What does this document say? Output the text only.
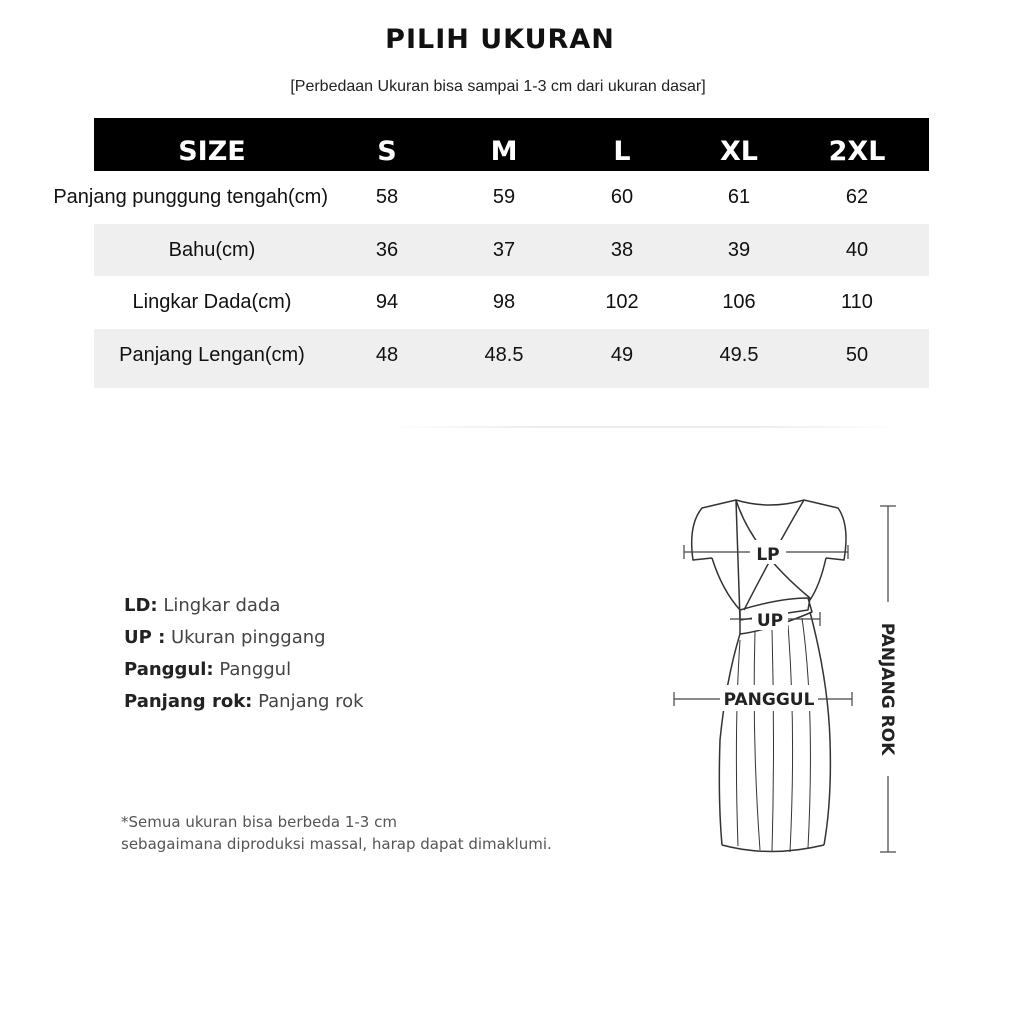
PILIH UKURAN
[Perbedaan Ukuran bisa sampai 1-3 cm dari ukuran dasar]
SIZE	S	M	L	XL	2XL
Panjang punggung tengah(cm)	58	59	60	61	62
Bahu(cm)	36	37	38	39	40
Lingkar Dada(cm)	94	98	102	106	110
Panjang Lengan(cm)	48	48.5	49	49.5	50
LD: Lingkar dada
UP : Ukuran pinggang
Panggul: Panggul
Panjang rok: Panjang rok
*Semua ukuran bisa berbeda 1-3 cm
sebagaimana diproduksi massal, harap dapat dimaklumi.
LP
UP
PANGGUL	PANJANG ROK
